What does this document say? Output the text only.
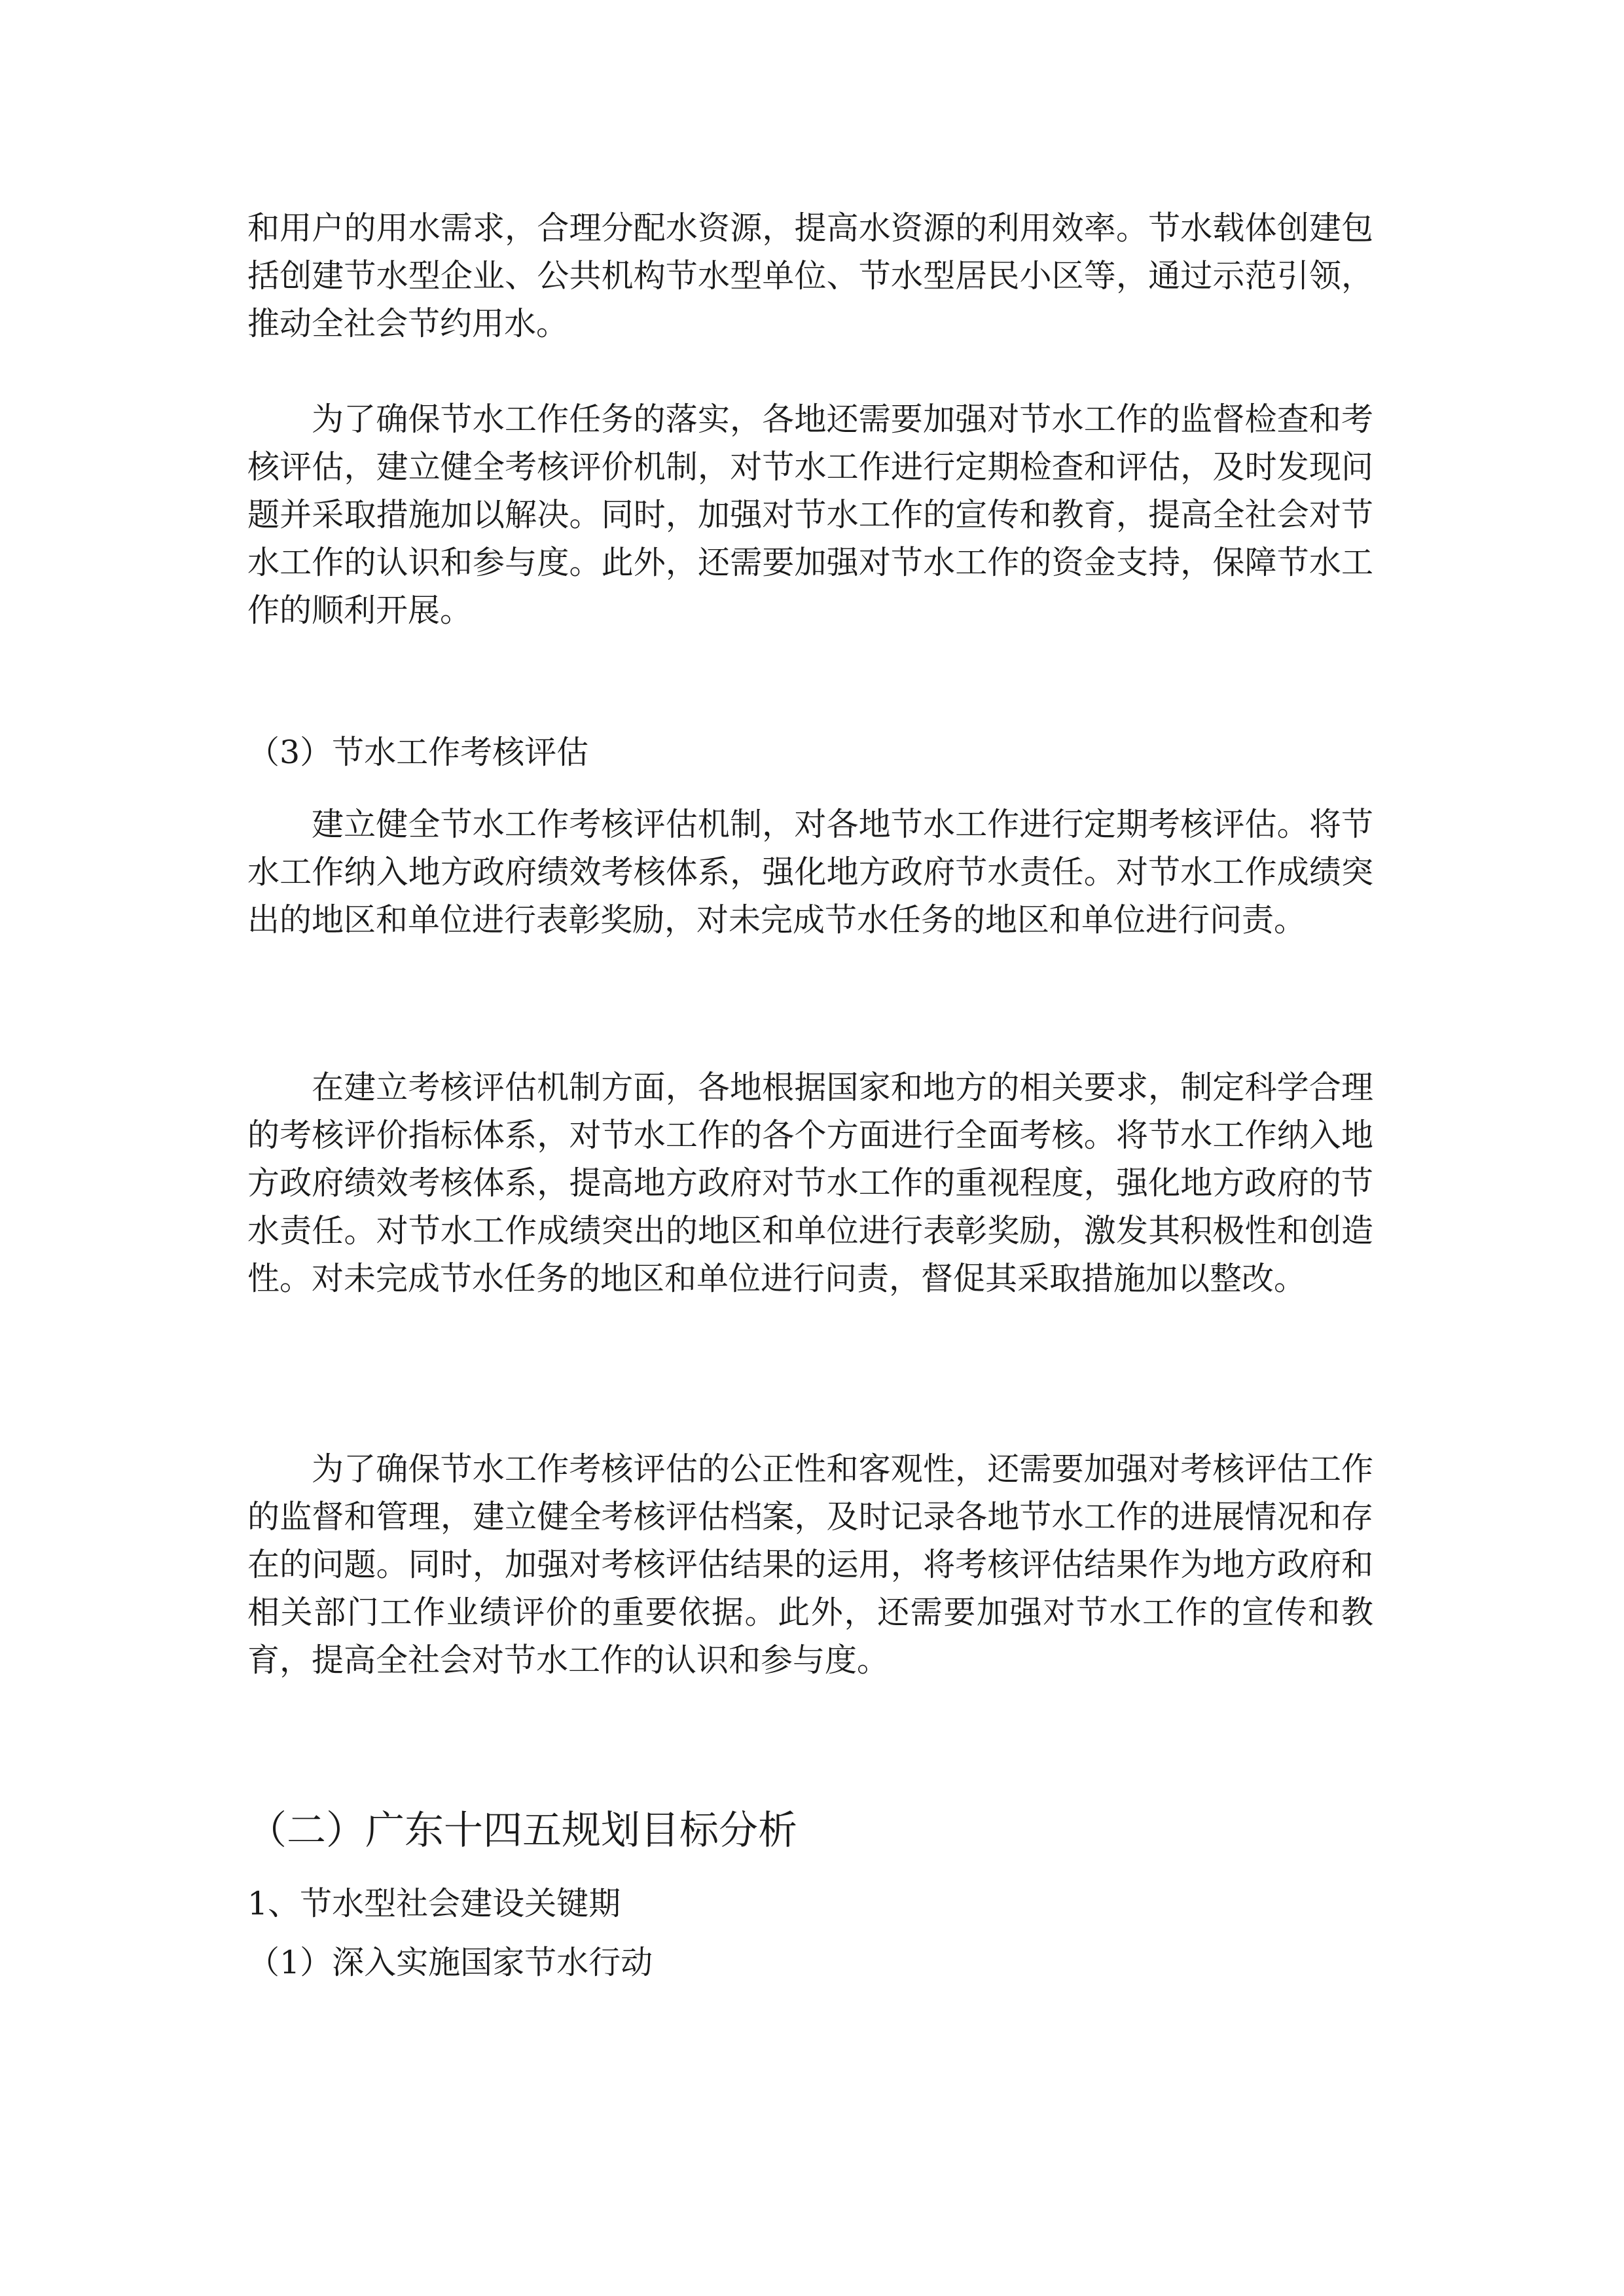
和用户的用水需求，合理分配水资源，提高水资源的利用效率。节水载体创建包括创建节水型企业、公共机构节水型单位、节水型居民小区等，通过示范引领，推动全社会节约用水。

为了确保节水工作任务的落实，各地还需要加强对节水工作的监督检查和考核评估，建立健全考核评价机制，对节水工作进行定期检查和评估，及时发现问题并采取措施加以解决。同时，加强对节水工作的宣传和教育，提高全社会对节水工作的认识和参与度。此外，还需要加强对节水工作的资金支持，保障节水工作的顺利开展。

（3）节水工作考核评估

建立健全节水工作考核评估机制，对各地节水工作进行定期考核评估。将节水工作纳入地方政府绩效考核体系，强化地方政府节水责任。对节水工作成绩突出的地区和单位进行表彰奖励，对未完成节水任务的地区和单位进行问责。

在建立考核评估机制方面，各地根据国家和地方的相关要求，制定科学合理的考核评价指标体系，对节水工作的各个方面进行全面考核。将节水工作纳入地方政府绩效考核体系，提高地方政府对节水工作的重视程度，强化地方政府的节水责任。对节水工作成绩突出的地区和单位进行表彰奖励，激发其积极性和创造性。对未完成节水任务的地区和单位进行问责，督促其采取措施加以整改。

为了确保节水工作考核评估的公正性和客观性，还需要加强对考核评估工作的监督和管理，建立健全考核评估档案，及时记录各地节水工作的进展情况和存在的问题。同时，加强对考核评估结果的运用，将考核评估结果作为地方政府和相关部门工作业绩评价的重要依据。此外，还需要加强对节水工作的宣传和教育，提高全社会对节水工作的认识和参与度。

（二）广东十四五规划目标分析

1、节水型社会建设关键期

（1）深入实施国家节水行动
